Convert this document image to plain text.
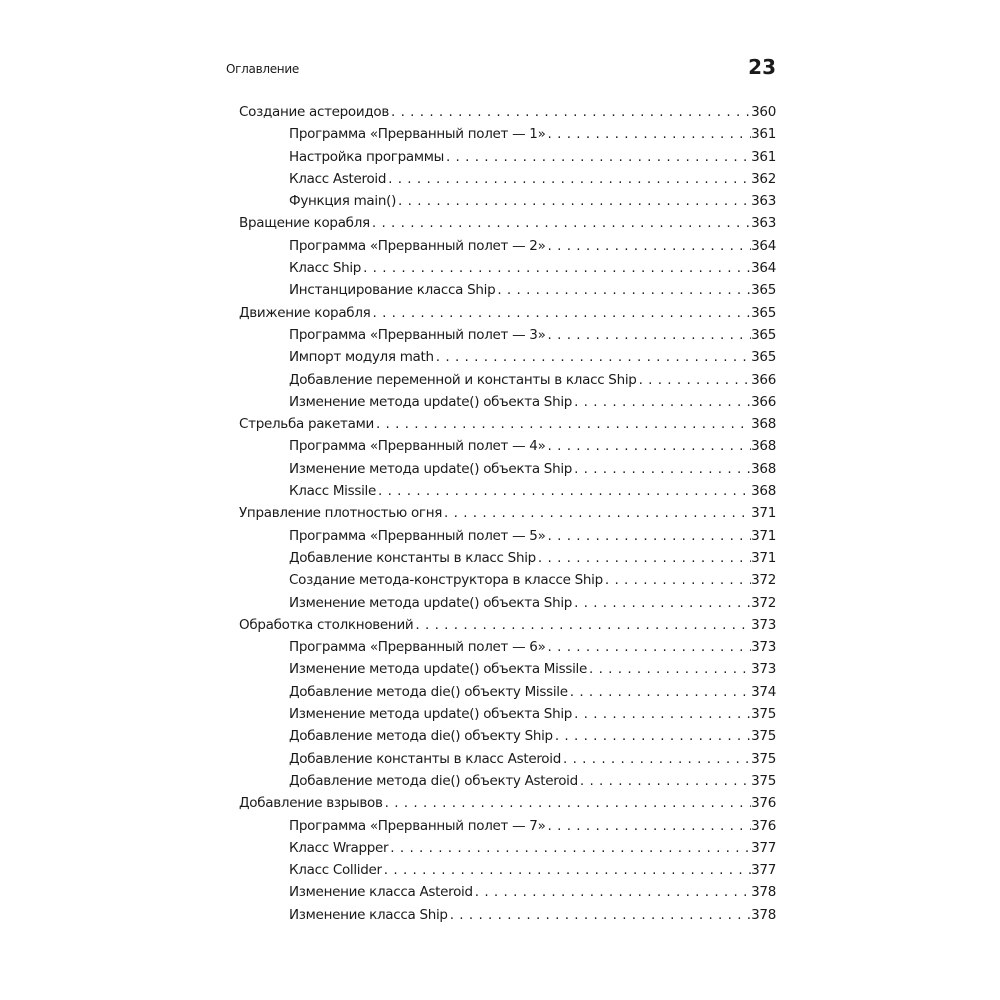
Оглавление	23
Создание астероидов . . .	360
Программа «Прерванный полет — 1» . . .	361
Настройка программы . . .	361
Класс Asteroid . . .	362
Функция main() . . .	363
Вращение корабля . . .	363
Программа «Прерванный полет — 2» . . .	364
Класс Ship . . .	364
Инстанцирование класса Ship . . .	365
Движение корабля . . .	365
Программа «Прерванный полет — 3» . . .	365
Импорт модуля math . . .	365
Добавление переменной и константы в класс Ship . . .	366
Изменение метода update() объекта Ship . . .	366
Стрельба ракетами . . .	368
Программа «Прерванный полет — 4» . . .	368
Изменение метода update() объекта Ship . . .	368
Класс Missile . . .	368
Управление плотностью огня . . .	371
Программа «Прерванный полет — 5» . . .	371
Добавление константы в класс Ship . . .	371
Создание метода-конструктора в классе Ship . . .	372
Изменение метода update() объекта Ship . . .	372
Обработка столкновений . . .	373
Программа «Прерванный полет — 6» . . .	373
Изменение метода update() объекта Missile . . .	373
Добавление метода die() объекту Missile . . .	374
Изменение метода update() объекта Ship . . .	375
Добавление метода die() объекту Ship . . .	375
Добавление константы в класс Asteroid . . .	375
Добавление метода die() объекту Asteroid . . .	375
Добавление взрывов . . .	376
Программа «Прерванный полет — 7» . . .	376
Класс Wrapper . . .	377
Класс Collider . . .	377
Изменение класса Asteroid . . .	378
Изменение класса Ship . . .	378
